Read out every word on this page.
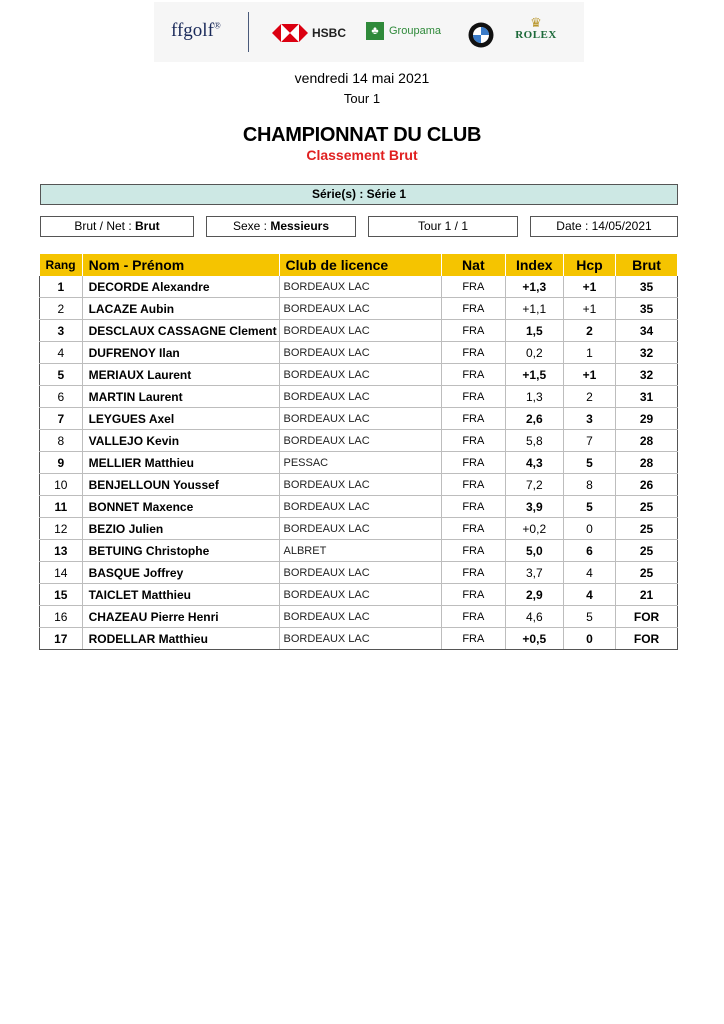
ffgolf®
HSBC	♣ Groupama
♛
ROLEX
vendredi 14 mai 2021
Tour 1
CHAMPIONNAT DU CLUB
Classement Brut
Série(s) : Série 1
Brut / Net : Brut	Sexe : Messieurs	Tour 1 / 1	Date : 14/05/2021
Rang	Nom - Prénom	Club de licence	Nat	Index	Hcp	Brut
1	DECORDE Alexandre	BORDEAUX LAC	FRA	+1,3	+1	35
2	LACAZE Aubin	BORDEAUX LAC	FRA	+1,1	+1	35
3	DESCLAUX CASSAGNE Clement	BORDEAUX LAC	FRA	1,5	2	34
4	DUFRENOY Ilan	BORDEAUX LAC	FRA	0,2	1	32
5	MERIAUX Laurent	BORDEAUX LAC	FRA	+1,5	+1	32
6	MARTIN Laurent	BORDEAUX LAC	FRA	1,3	2	31
7	LEYGUES Axel	BORDEAUX LAC	FRA	2,6	3	29
8	VALLEJO Kevin	BORDEAUX LAC	FRA	5,8	7	28
9	MELLIER Matthieu	PESSAC	FRA	4,3	5	28
10	BENJELLOUN Youssef	BORDEAUX LAC	FRA	7,2	8	26
11	BONNET Maxence	BORDEAUX LAC	FRA	3,9	5	25
12	BEZIO Julien	BORDEAUX LAC	FRA	+0,2	0	25
13	BETUING Christophe	ALBRET	FRA	5,0	6	25
14	BASQUE Joffrey	BORDEAUX LAC	FRA	3,7	4	25
15	TAICLET Matthieu	BORDEAUX LAC	FRA	2,9	4	21
16	CHAZEAU Pierre Henri	BORDEAUX LAC	FRA	4,6	5	FOR
17	RODELLAR Matthieu	BORDEAUX LAC	FRA	+0,5	0	FOR
